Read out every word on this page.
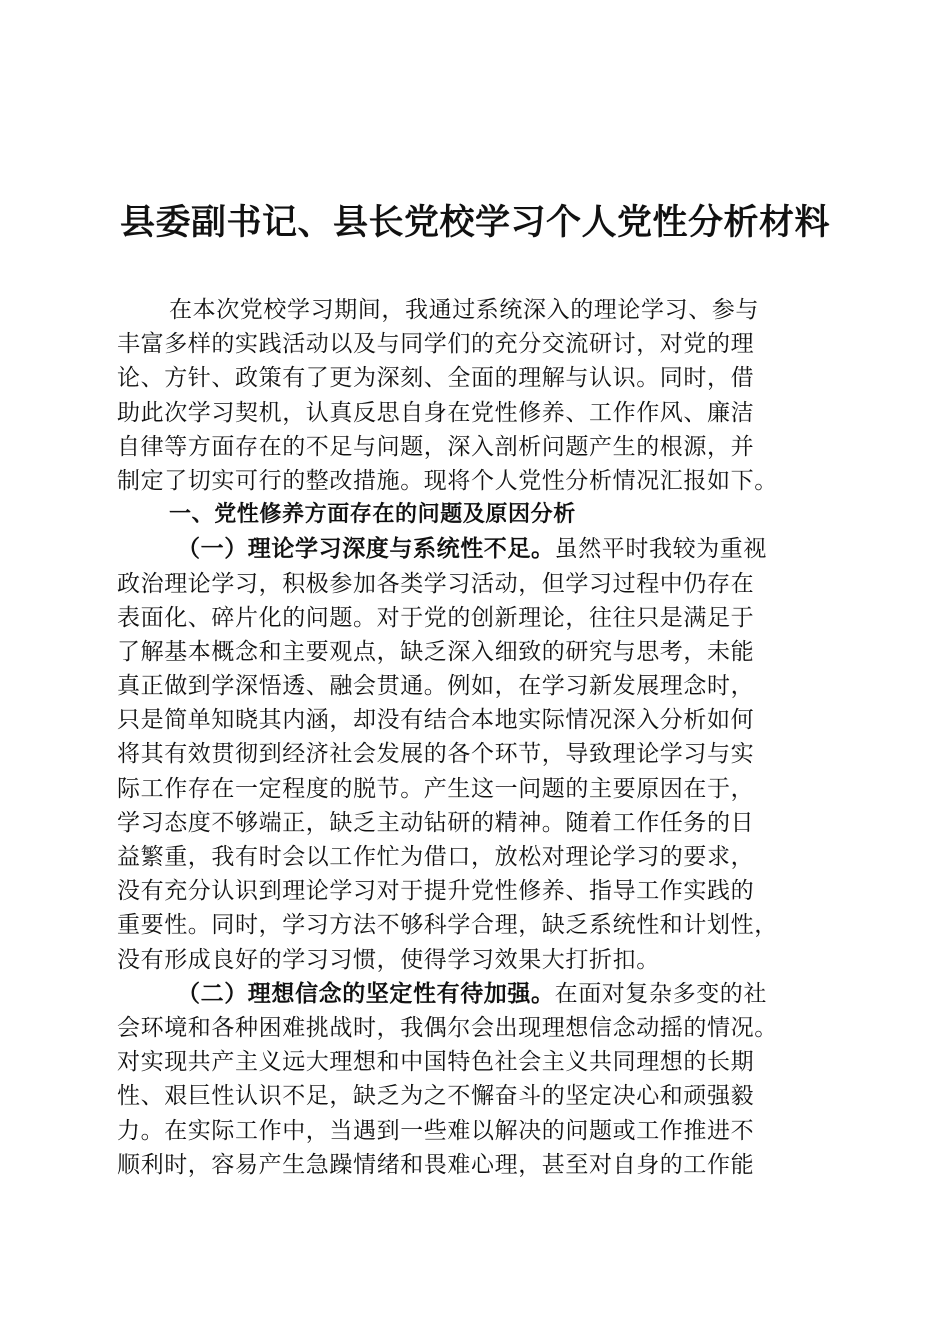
县委副书记、县长党校学习个人党性分析材料
在本次党校学习期间，我通过系统深入的理论学习、参与
丰富多样的实践活动以及与同学们的充分交流研讨，对党的理
论、方针、政策有了更为深刻、全面的理解与认识。同时，借
助此次学习契机，认真反思自身在党性修养、工作作风、廉洁
自律等方面存在的不足与问题，深入剖析问题产生的根源，并
制定了切实可行的整改措施。现将个人党性分析情况汇报如下。
一、党性修养方面存在的问题及原因分析
（一）理论学习深度与系统性不足。虽然平时我较为重视
政治理论学习，积极参加各类学习活动，但学习过程中仍存在
表面化、碎片化的问题。对于党的创新理论，往往只是满足于
了解基本概念和主要观点，缺乏深入细致的研究与思考，未能
真正做到学深悟透、融会贯通。例如，在学习新发展理念时，
只是简单知晓其内涵，却没有结合本地实际情况深入分析如何
将其有效贯彻到经济社会发展的各个环节，导致理论学习与实
际工作存在一定程度的脱节。产生这一问题的主要原因在于，
学习态度不够端正，缺乏主动钻研的精神。随着工作任务的日
益繁重，我有时会以工作忙为借口，放松对理论学习的要求，
没有充分认识到理论学习对于提升党性修养、指导工作实践的
重要性。同时，学习方法不够科学合理，缺乏系统性和计划性，
没有形成良好的学习习惯，使得学习效果大打折扣。
（二）理想信念的坚定性有待加强。在面对复杂多变的社
会环境和各种困难挑战时，我偶尔会出现理想信念动摇的情况。
对实现共产主义远大理想和中国特色社会主义共同理想的长期
性、艰巨性认识不足，缺乏为之不懈奋斗的坚定决心和顽强毅
力。在实际工作中，当遇到一些难以解决的问题或工作推进不
顺利时，容易产生急躁情绪和畏难心理，甚至对自身的工作能
